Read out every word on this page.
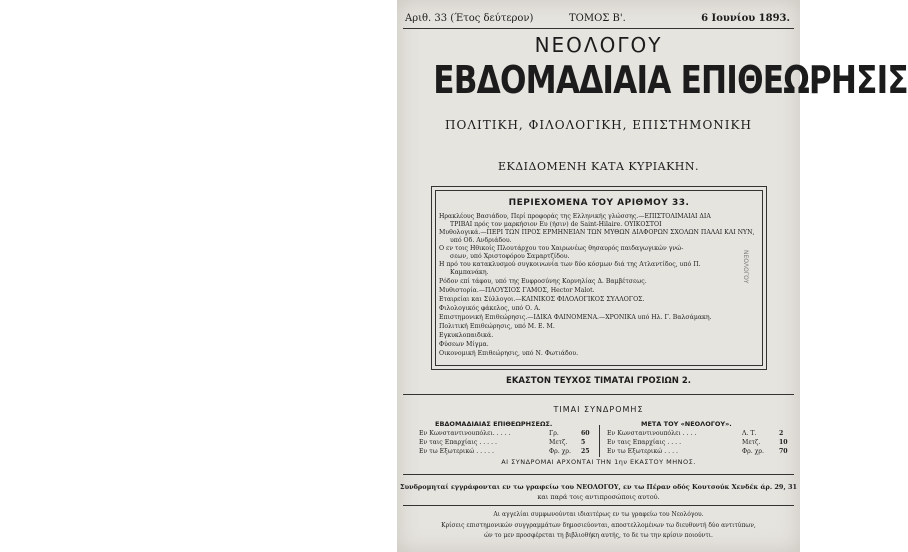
Αριθ. 33 (Έτος δεύτερον)	ΤΟΜΟΣ Β'.	6 Ιουνίου 1893.
ΝΕΟΛΟΓΟΥ
ΕΒΔΟΜΑΔΙΑΙΑ ΕΠΙΘΕΩΡΗΣΙΣ
ΠΟΛΙΤΙΚΗ, ΦΙΛΟΛΟΓΙΚΗ, ΕΠΙΣΤΗΜΟΝΙΚΗ
ΕΚΔΙΔΟΜΕΝΗ ΚΑΤΑ ΚΥΡΙΑΚΗΝ.
ΠΕΡΙΕΧΟΜΕΝΑ ΤΟΥ ΑΡΙΘΜΟΥ 33.
Ηρακλέους Βασιάδου, Περί προφοράς της Ελληνικής γλώσσης.—ΕΠΙΣΤΟΛΙΜΑΙΑΙ ΔΙΑ
ΤΡΙΒΑΙ πρός τον μαρκήσιον Ευ (ήσιν) de Saint-Hilaire. ΟΥΙΚΟΣΤΟΙ
Μυθολογικά.—ΠΕΡΙ ΤΩΝ ΠΡΟΣ ΕΡΜΗΝΕΙΑΝ ΤΩΝ ΜΥΘΩΝ ΔΙΑΦΟΡΩΝ ΣΧΟΛΩΝ ΠΑΛΑΙ ΚΑΙ ΝΥΝ,
υπό Οδ. Ανδριάδου.
Ο εν τοις Ηθικοίς Πλουτάρχου του Χαιρωνέως θησαυρός παιδαγωγικών γνώ-
σεων, υπό Χριστοφόρου Σαμαρτζίδου.
Η πρό του κατακλυσμού συγκοινωνία των δύο κόσμων διά της Ατλαντίδος, υπό Π.
Καμπανάκη.
Ρόδον επί τάφου, υπό της Ευφροσύνης Κορνηλίας Δ. Βαμβέτσεως.
Μυθιστορία.—ΠΛΟΥΣΙΟΣ ΓΑΜΟΣ, Hector Malot.
Εταιρείαι και Σύλλογοι.—ΚΑΙΝΙΚΟΣ ΦΙΛΟΛΟΓΙΚΟΣ ΣΥΛΛΟΓΟΣ.
Φιλολογικός φάκελος, υπό Ο. Α.
Επιστημονική Επιθεώρησις.—ΙΔΙΚΑ ΦΑΙΝΟΜΕΝΑ.—ΧΡΟΝΙΚΑ υπό Ηλ. Γ. Βαλσάμακη.
Πολιτική Επιθεώρησις, υπό Μ. Ε. Μ.
Εγκυκλοπαιδικά.
Φύσεων Μίγμα.
Οικονομική Επιθεώρησις, υπό Ν. Φωτιάδου.
ΕΚΑΣΤΟΝ ΤΕΥΧΟΣ ΤΙΜΑΤΑΙ ΓΡΟΣΙΩΝ 2.
ΤΙΜΑΙ ΣΥΝΔΡΟΜΗΣ
ΕΒΔΟΜΑΔΙΑΙΑΣ ΕΠΙΘΕΩΡΗΣΕΩΣ.	ΜΕΤΑ ΤΟΥ «ΝΕΟΛΟΓΟΥ».
Εν Κωνσταντινουπόλει. . . . .	Γρ.	60
Εν ταις Επαρχίαις . . . . .	Μετζ. 5
Εν τω Εξωτερικώ . . . . .	Φρ. χρ. 25
Εν Κωνσταντινουπόλει . . . .	Λ. Τ.	2
Εν ταις Επαρχίαις . . . .	Μετζ.	10
Εν τω Εξωτερικώ . . . .	Φρ. χρ. 70
ΑΙ ΣΥΝΔΡΟΜΑΙ ΑΡΧΟΝΤΑΙ ΤΗΝ 1ην ΕΚΑΣΤΟΥ ΜΗΝΟΣ.
Συνδρομηταί εγγράφονται εν τω γραφείω του ΝΕΟΛΟΓΟΥ, εν τω Πέραν οδός Κουτσούκ Χενδέκ άρ. 29, 31
και παρά τοις αντιπροσώποις αυτού.
Αι αγγελίαι συμφωνούνται ιδιαιτέρως εν τω γραφείω του Νεολόγου.
Κρίσεις επιστημονικών συγγραμμάτων δημοσιεύονται, αποστελλομένων τω διευθυντή δύο αντιτύπων,
ών το μεν προσφέρεται τη βιβλιοθήκη αυτής, το δε τω την κρίσιν ποιούντι.
ΝΕΟΛΟΓΟΥ
